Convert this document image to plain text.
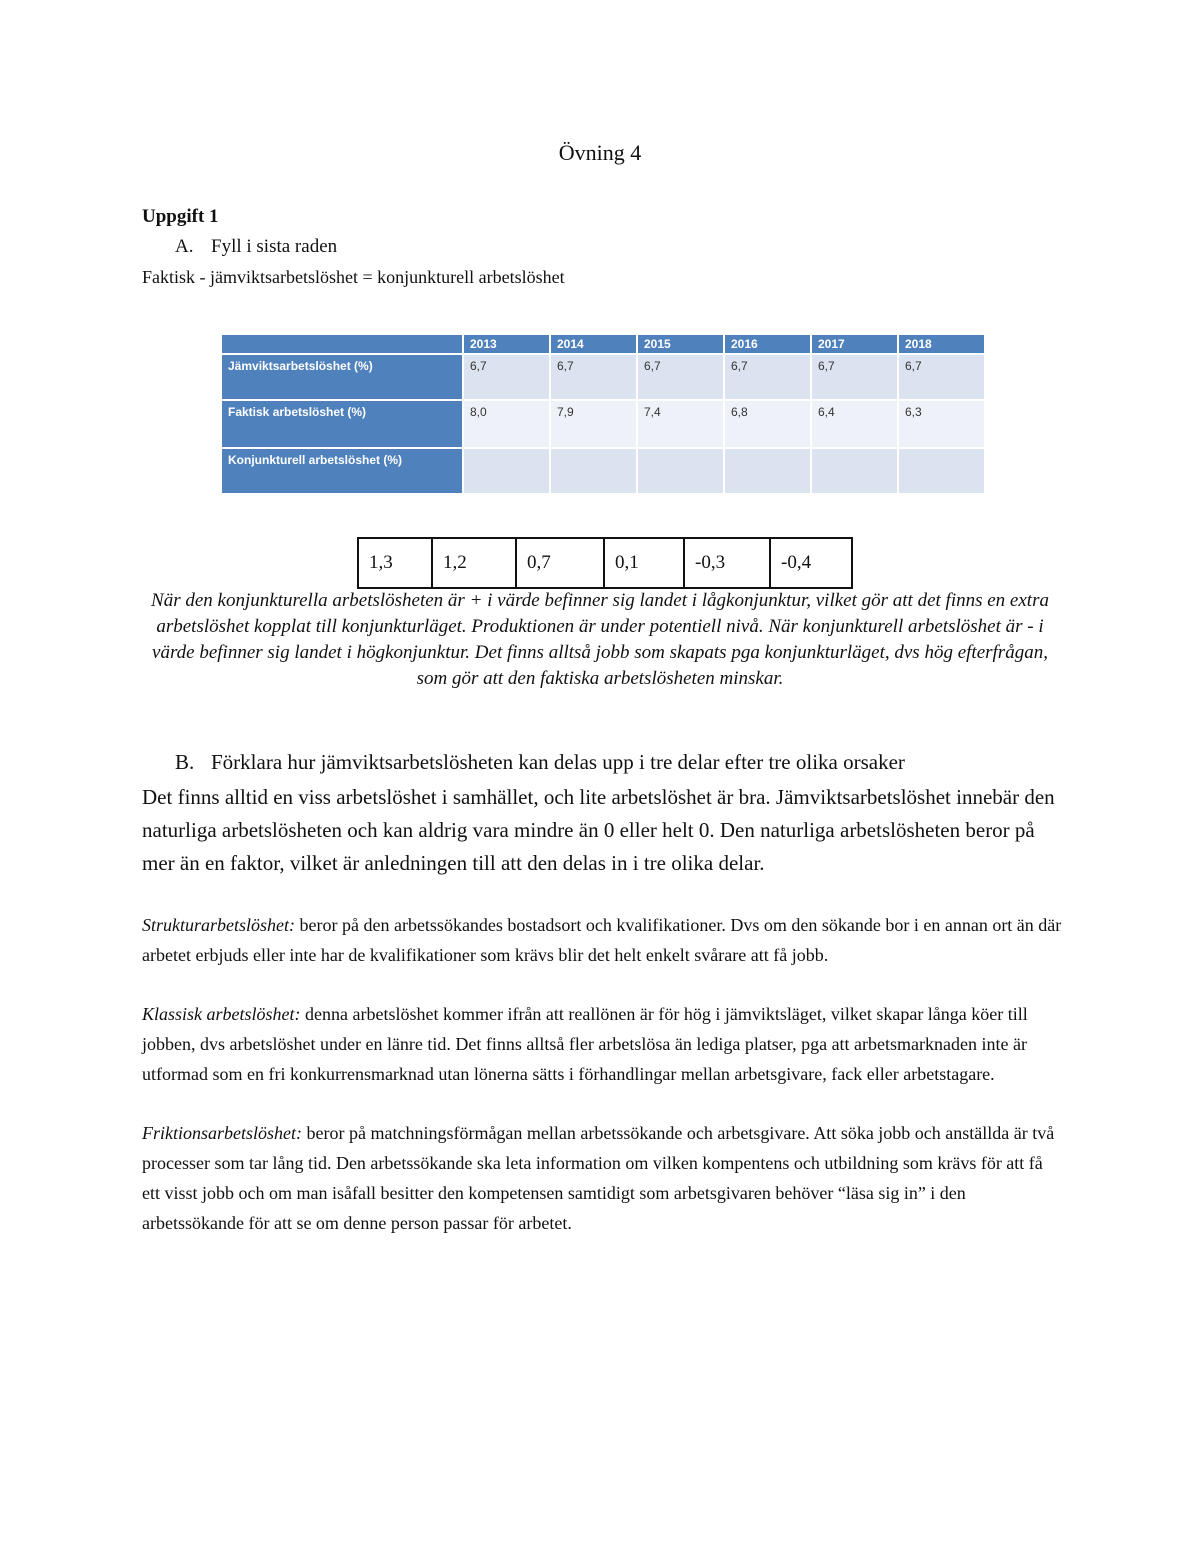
Övning 4
Uppgift 1
A. Fyll i sista raden
Faktisk - jämviktsarbetslöshet = konjunkturell arbetslöshet
	2013	2014	2015	2016	2017	2018
Jämviktsarbetslöshet (%)	6,7	6,7	6,7	6,7	6,7	6,7
Faktisk arbetslöshet (%)	8,0	7,9	7,4	6,8	6,4	6,3
Konjunkturell arbetslöshet (%)						
1,3	1,2	0,7	0,1	-0,3	-0,4
När den konjunkturella arbetslösheten är + i värde befinner sig landet i lågkonjunktur, vilket gör att det finns en extra arbetslöshet kopplat till konjunkturläget. Produktionen är under potentiell nivå. När konjunkturell arbetslöshet är - i värde befinner sig landet i högkonjunktur. Det finns alltså jobb som skapats pga konjunkturläget, dvs hög efterfrågan, som gör att den faktiska arbetslösheten minskar.
B. Förklara hur jämviktsarbetslösheten kan delas upp i tre delar efter tre olika orsaker
Det finns alltid en viss arbetslöshet i samhället, och lite arbetslöshet är bra. Jämviktsarbetslöshet innebär den naturliga arbetslösheten och kan aldrig vara mindre än 0 eller helt 0. Den naturliga arbetslösheten beror på mer än en faktor, vilket är anledningen till att den delas in i tre olika delar.
Strukturarbetslöshet: beror på den arbetssökandes bostadsort och kvalifikationer. Dvs om den sökande bor i en annan ort än där arbetet erbjuds eller inte har de kvalifikationer som krävs blir det helt enkelt svårare att få jobb.
Klassisk arbetslöshet: denna arbetslöshet kommer ifrån att reallönen är för hög i jämviktsläget, vilket skapar långa köer till jobben, dvs arbetslöshet under en länre tid. Det finns alltså fler arbetslösa än lediga platser, pga att arbetsmarknaden inte är utformad som en fri konkurrensmarknad utan lönerna sätts i förhandlingar mellan arbetsgivare, fack eller arbetstagare.
Friktionsarbetslöshet: beror på matchningsförmågan mellan arbetssökande och arbetsgivare. Att söka jobb och anställda är två processer som tar lång tid. Den arbetssökande ska leta information om vilken kompentens och utbildning som krävs för att få ett visst jobb och om man isåfall besitter den kompetensen samtidigt som arbetsgivaren behöver “läsa sig in” i den arbetssökande för att se om denne person passar för arbetet.
